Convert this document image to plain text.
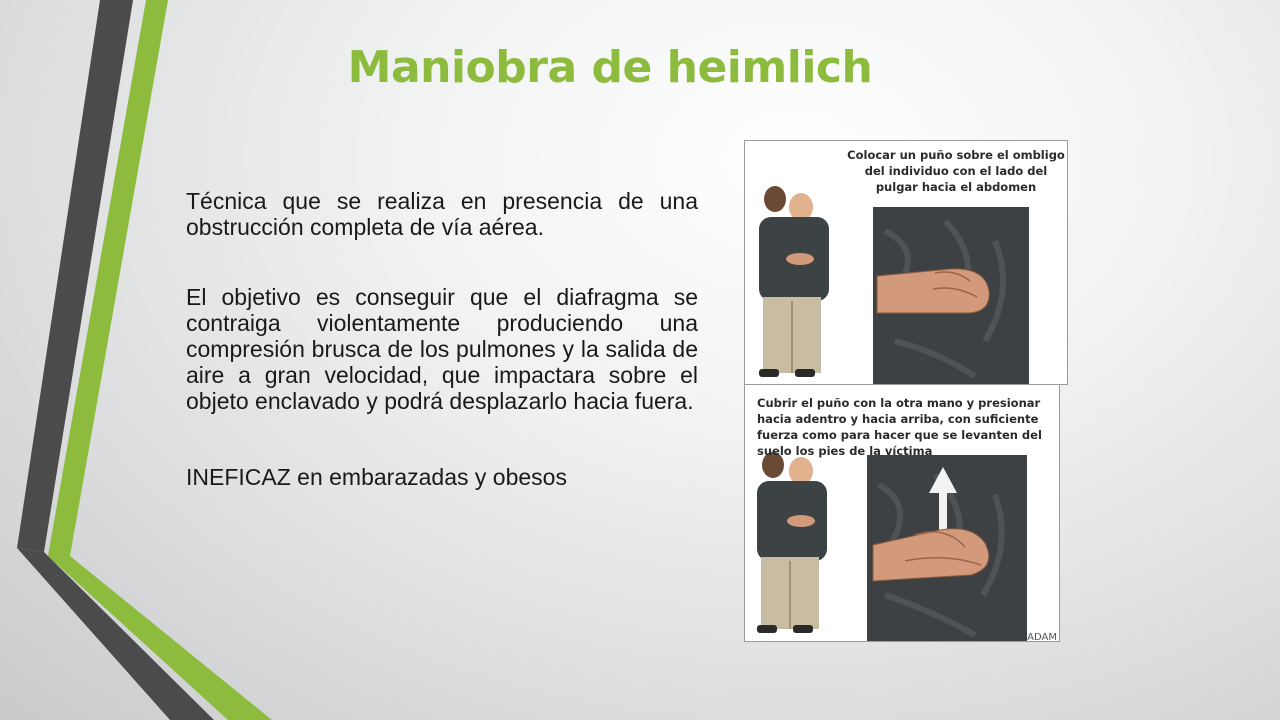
Maniobra de heimlich

Técnica que se realiza en presencia de una obstrucción completa de vía aérea.

El objetivo es conseguir que el diafragma se contraiga violentamente produciendo una compresión brusca de los pulmones y la salida de aire a gran velocidad, que impactara sobre el objeto enclavado y podrá desplazarlo hacia fuera.

INEFICAZ en embarazadas y obesos

Colocar un puño sobre el ombligo del individuo con el lado del pulgar hacia el abdomen
Cubrir el puño con la otra mano y presionar hacia adentro y hacia arriba, con suficiente fuerza como para hacer que se levanten del suelo los pies de la víctima
ADAM
